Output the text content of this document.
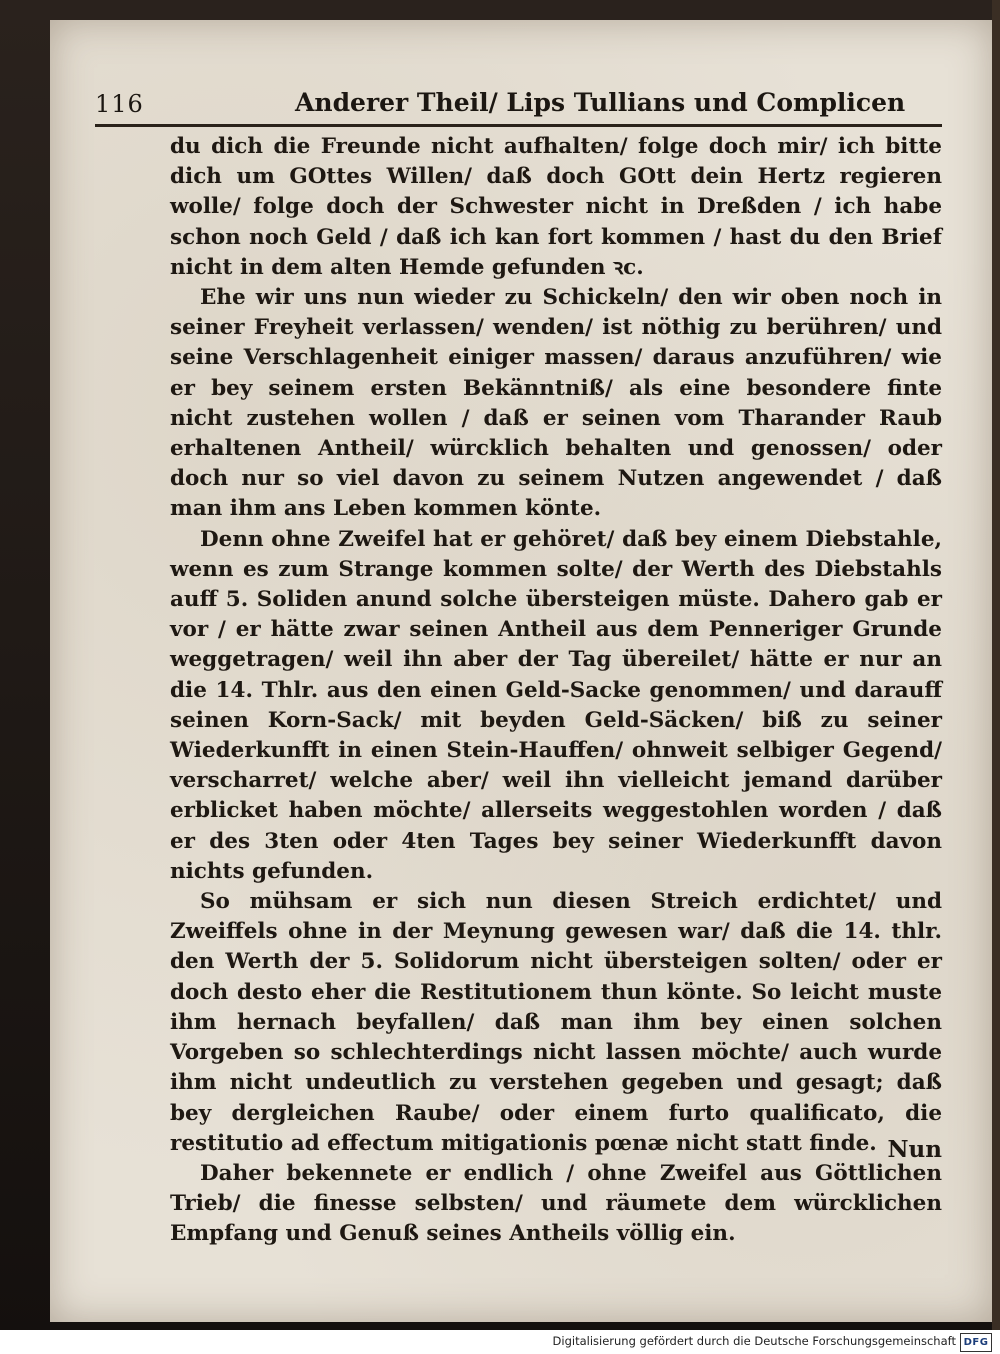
116	Anderer Theil/ Lips Tullians und Complicen

du dich die Freunde nicht aufhalten/ folge doch mir/ ich bitte dich um GOttes Willen/ daß doch GOtt dein Hertz regieren wolle/ folge doch der Schwester nicht in Dreßden / ich habe schon noch Geld / daß ich kan fort kommen / hast du den Brief nicht in dem alten Hemde gefunden ꝛc.

Ehe wir uns nun wieder zu Schickeln/ den wir oben noch in seiner Freyheit verlassen/ wenden/ ist nöthig zu berühren/ und seine Verschlagenheit einiger massen/ daraus anzuführen/ wie er bey seinem ersten Bekänntniß/ als eine besondere finte nicht zustehen wollen / daß er seinen vom Tharander Raub erhaltenen Antheil/ würcklich behalten und genossen/ oder doch nur so viel davon zu seinem Nutzen angewendet / daß man ihm ans Leben kommen könte.

Denn ohne Zweifel hat er gehöret/ daß bey einem Diebstahle, wenn es zum Strange kommen solte/ der Werth des Diebstahls auff 5. Soliden anund solche übersteigen müste. Dahero gab er vor / er hätte zwar seinen Antheil aus dem Penneriger Grunde weggetragen/ weil ihn aber der Tag übereilet/ hätte er nur an die 14. Thlr. aus den einen Geld-Sacke genommen/ und darauff seinen Korn-Sack/ mit beyden Geld-Säcken/ biß zu seiner Wiederkunfft in einen Stein-Hauffen/ ohnweit selbiger Gegend/ verscharret/ welche aber/ weil ihn vielleicht jemand darüber erblicket haben möchte/ allerseits weggestohlen worden / daß er des 3ten oder 4ten Tages bey seiner Wiederkunfft davon nichts gefunden.

So mühsam er sich nun diesen Streich erdichtet/ und Zweiffels ohne in der Meynung gewesen war/ daß die 14. thlr. den Werth der 5. Solidorum nicht übersteigen solten/ oder er doch desto eher die Restitutionem thun könte. So leicht muste ihm hernach beyfallen/ daß man ihm bey einen solchen Vorgeben so schlechterdings nicht lassen möchte/ auch wurde ihm nicht undeutlich zu verstehen gegeben und gesagt; daß bey dergleichen Raube/ oder einem furto qualificato, die restitutio ad effectum mitigationis pœnæ nicht statt finde.

Daher bekennete er endlich / ohne Zweifel aus Göttlichen Trieb/ die finesse selbsten/ und räumete dem würcklichen Empfang und Genuß seines Antheils völlig ein.

Nun
Digitalisierung gefördert durch die Deutsche Forschungsgemeinschaft DFG
